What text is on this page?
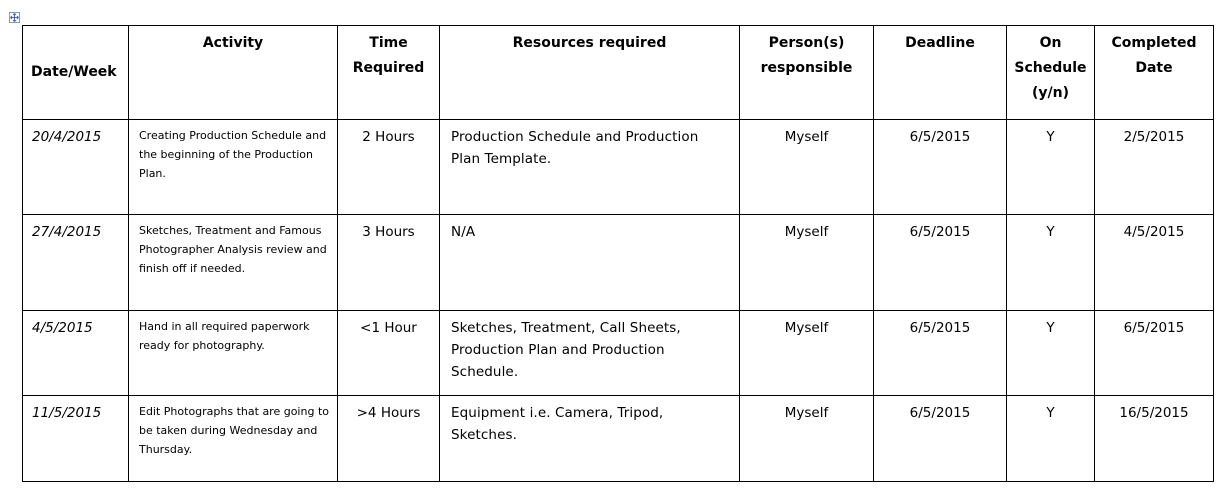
Date/Week	Activity	Time Required	Resources required	Person(s) responsible	Deadline	On Schedule (y/n)	Completed Date
20/4/2015	Creating Production Schedule and the beginning of the Production Plan.	2 Hours	Production Schedule and Production Plan Template.	Myself	6/5/2015	Y	2/5/2015
27/4/2015	Sketches, Treatment and Famous Photographer Analysis review and finish off if needed.	3 Hours	N/A	Myself	6/5/2015	Y	4/5/2015
4/5/2015	Hand in all required paperwork ready for photography.	<1 Hour	Sketches, Treatment, Call Sheets, Production Plan and Production Schedule.	Myself	6/5/2015	Y	6/5/2015
11/5/2015	Edit Photographs that are going to be taken during Wednesday and Thursday.	>4 Hours	Equipment i.e. Camera, Tripod, Sketches.	Myself	6/5/2015	Y	16/5/2015
